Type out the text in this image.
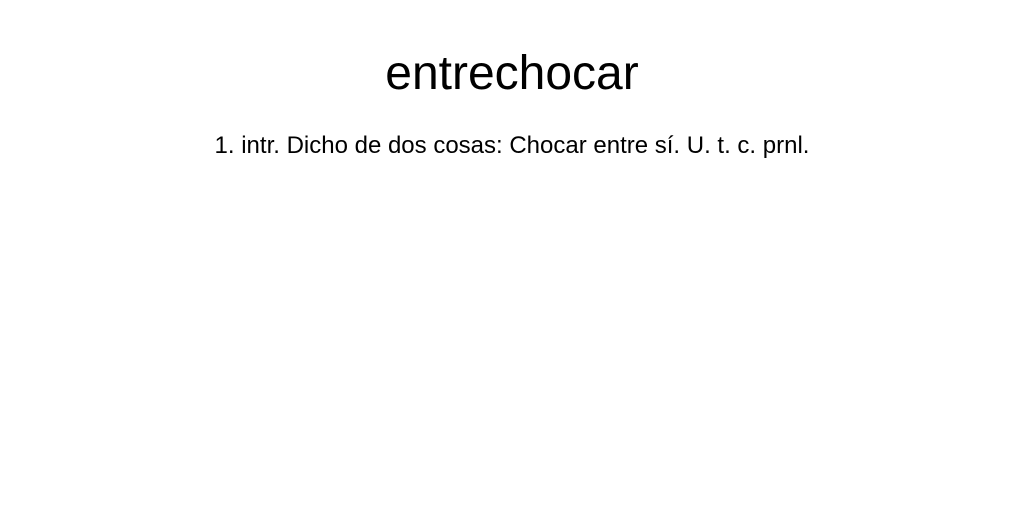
entrechocar

1. intr. Dicho de dos cosas: Chocar entre sí. U. t. c. prnl.
